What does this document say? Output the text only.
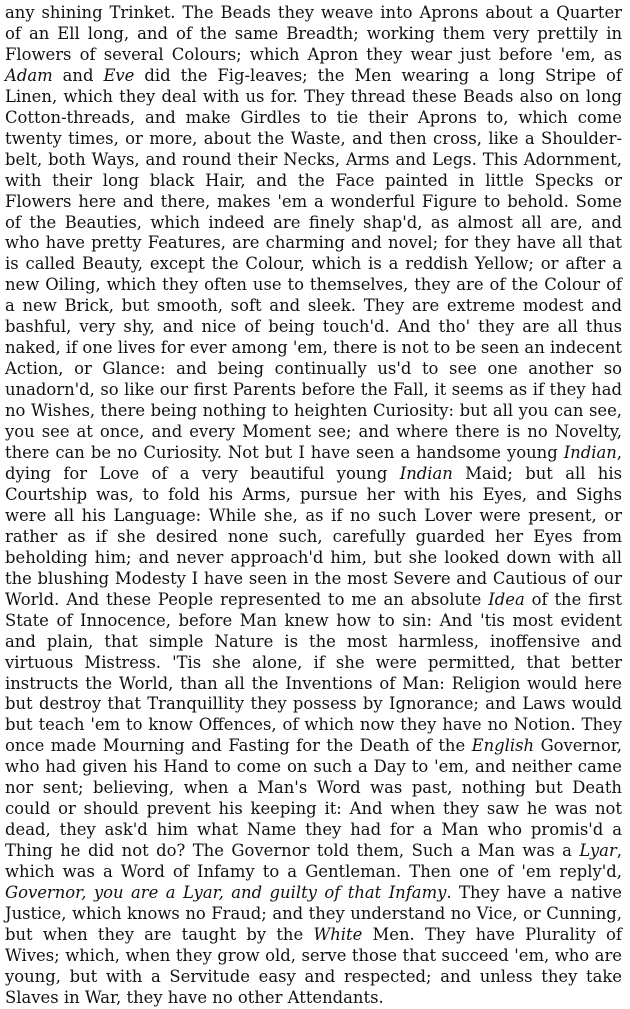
any shining Trinket. The Beads they weave into Aprons about a Quarter of an Ell long, and of the same Breadth; working them very prettily in Flowers of several Colours; which Apron they wear just before 'em, as Adam and Eve did the Fig-leaves; the Men wearing a long Stripe of Linen, which they deal with us for. They thread these Beads also on long Cotton-threads, and make Girdles to tie their Aprons to, which come twenty times, or more, about the Waste, and then cross, like a Shoulder-belt, both Ways, and round their Necks, Arms and Legs. This Adornment, with their long black Hair, and the Face painted in little Specks or Flowers here and there, makes 'em a wonderful Figure to behold. Some of the Beauties, which indeed are finely shap'd, as almost all are, and who have pretty Features, are charming and novel; for they have all that is called Beauty, except the Colour, which is a reddish Yellow; or after a new Oiling, which they often use to themselves, they are of the Colour of a new Brick, but smooth, soft and sleek. They are extreme modest and bashful, very shy, and nice of being touch'd. And tho' they are all thus naked, if one lives for ever among 'em, there is not to be seen an indecent Action, or Glance: and being continually us'd to see one another so unadorn'd, so like our first Parents before the Fall, it seems as if they had no Wishes, there being nothing to heighten Curiosity: but all you can see, you see at once, and every Moment see; and where there is no Novelty, there can be no Curiosity. Not but I have seen a handsome young Indian, dying for Love of a very beautiful young Indian Maid; but all his Courtship was, to fold his Arms, pursue her with his Eyes, and Sighs were all his Language: While she, as if no such Lover were present, or rather as if she desired none such, carefully guarded her Eyes from beholding him; and never approach'd him, but she looked down with all the blushing Modesty I have seen in the most Severe and Cautious of our World. And these People represented to me an absolute Idea of the first State of Innocence, before Man knew how to sin: And 'tis most evident and plain, that simple Nature is the most harmless, inoffensive and virtuous Mistress. 'Tis she alone, if she were permitted, that better instructs the World, than all the Inventions of Man: Religion would here but destroy that Tranquillity they possess by Ignorance; and Laws would but teach 'em to know Offences, of which now they have no Notion. They once made Mourning and Fasting for the Death of the English Governor, who had given his Hand to come on such a Day to 'em, and neither came nor sent; believing, when a Man's Word was past, nothing but Death could or should prevent his keeping it: And when they saw he was not dead, they ask'd him what Name they had for a Man who promis'd a Thing he did not do? The Governor told them, Such a Man was a Lyar, which was a Word of Infamy to a Gentleman. Then one of 'em reply'd, Governor, you are a Lyar, and guilty of that Infamy. They have a native Justice, which knows no Fraud; and they understand no Vice, or Cunning, but when they are taught by the White Men. They have Plurality of Wives; which, when they grow old, serve those that succeed 'em, who are young, but with a Servitude easy and respected; and unless they take Slaves in War, they have no other Attendants.
